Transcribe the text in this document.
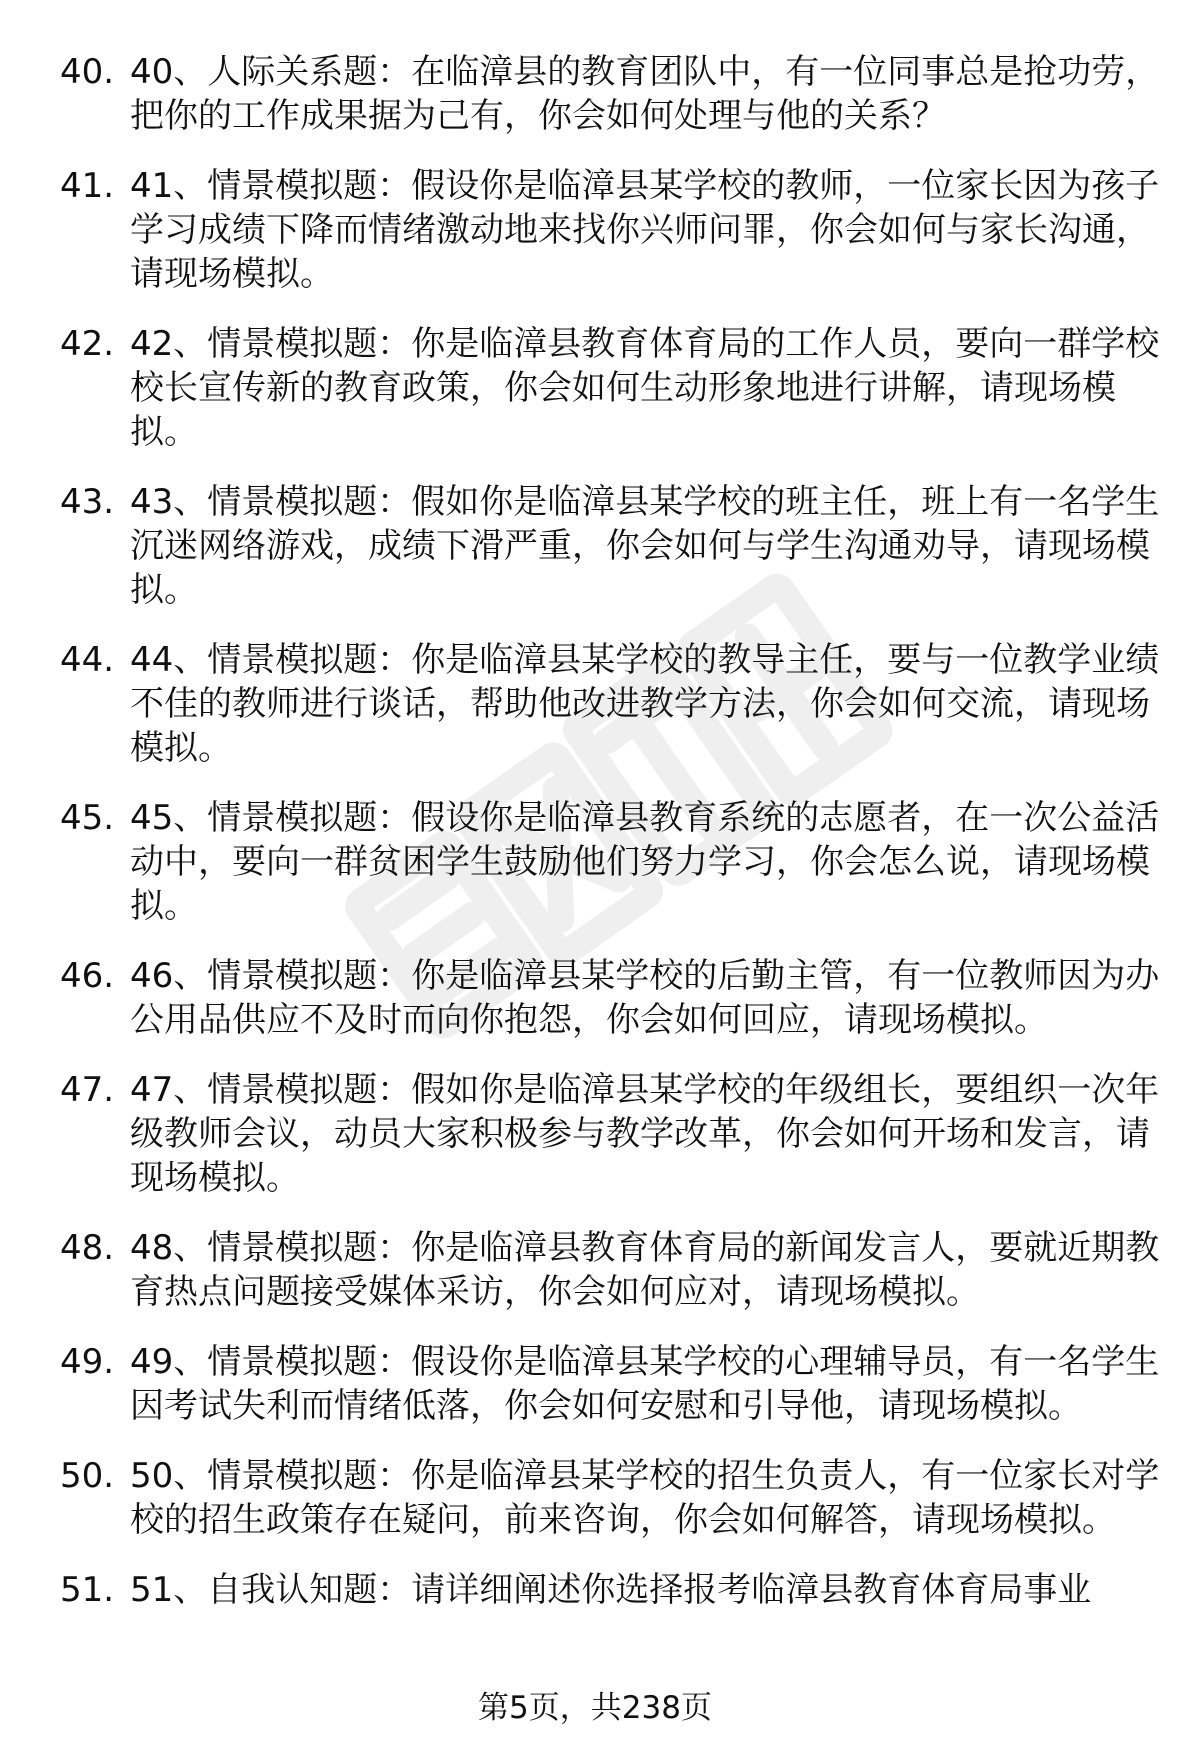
40. 40、人际关系题：在临漳县的教育团队中，有一位同事总是抢功劳，把你的工作成果据为己有，你会如何处理与他的关系？
41. 41、情景模拟题：假设你是临漳县某学校的教师，一位家长因为孩子学习成绩下降而情绪激动地来找你兴师问罪，你会如何与家长沟通，请现场模拟。
42. 42、情景模拟题：你是临漳县教育体育局的工作人员，要向一群学校校长宣传新的教育政策，你会如何生动形象地进行讲解，请现场模拟。
43. 43、情景模拟题：假如你是临漳县某学校的班主任，班上有一名学生沉迷网络游戏，成绩下滑严重，你会如何与学生沟通劝导，请现场模拟。
44. 44、情景模拟题：你是临漳县某学校的教导主任，要与一位教学业绩不佳的教师进行谈话，帮助他改进教学方法，你会如何交流，请现场模拟。
45. 45、情景模拟题：假设你是临漳县教育系统的志愿者，在一次公益活动中，要向一群贫困学生鼓励他们努力学习，你会怎么说，请现场模拟。
46. 46、情景模拟题：你是临漳县某学校的后勤主管，有一位教师因为办公用品供应不及时而向你抱怨，你会如何回应，请现场模拟。
47. 47、情景模拟题：假如你是临漳县某学校的年级组长，要组织一次年级教师会议，动员大家积极参与教学改革，你会如何开场和发言，请现场模拟。
48. 48、情景模拟题：你是临漳县教育体育局的新闻发言人，要就近期教育热点问题接受媒体采访，你会如何应对，请现场模拟。
49. 49、情景模拟题：假设你是临漳县某学校的心理辅导员，有一名学生因考试失利而情绪低落，你会如何安慰和引导他，请现场模拟。
50. 50、情景模拟题：你是临漳县某学校的招生负责人，有一位家长对学校的招生政策存在疑问，前来咨询，你会如何解答，请现场模拟。
51. 51、自我认知题：请详细阐述你选择报考临漳县教育体育局事业
第5页，共238页
